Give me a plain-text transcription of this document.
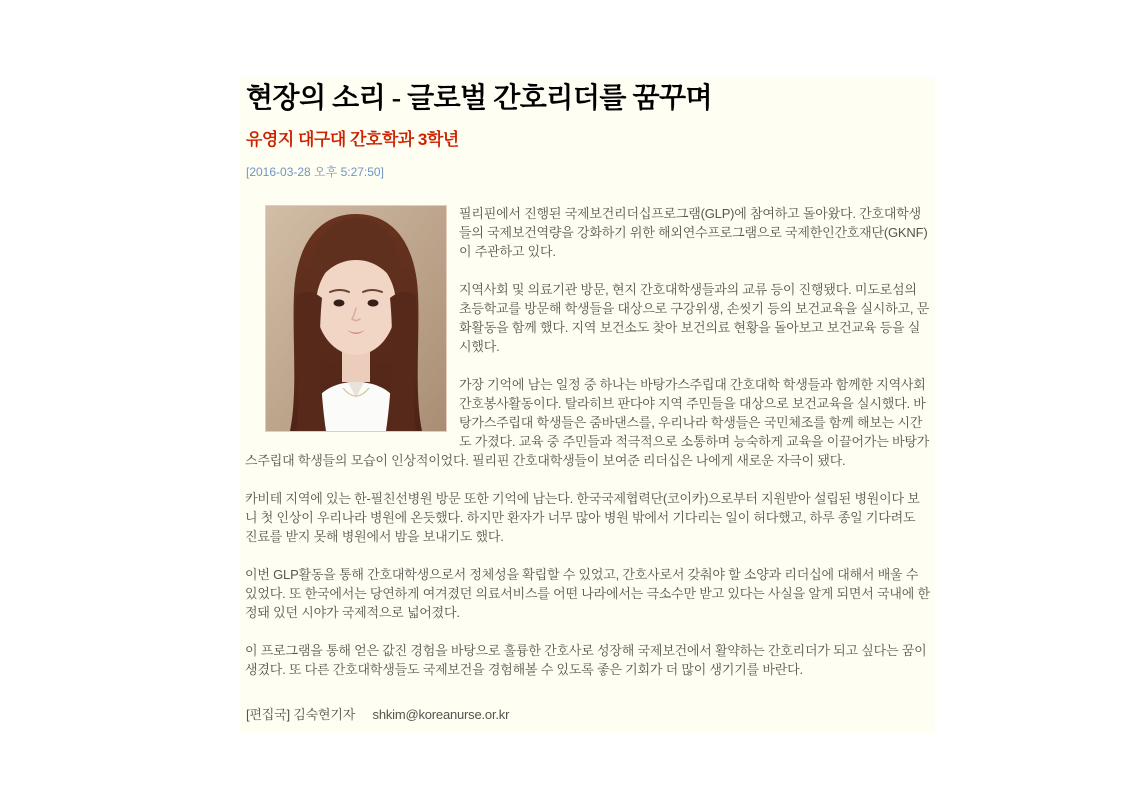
현장의 소리 - 글로벌 간호리더를 꿈꾸며
유영지 대구대 간호학과 3학년
[2016-03-28 오후 5:27:50]

필리핀에서 진행된 국제보건리더십프로그램(GLP)에 참여하고 돌아왔다. 간호대학생들의 국제보건역량을 강화하기 위한 해외연수프로그램으로 국제한인간호재단(GKNF)이 주관하고 있다.

지역사회 및 의료기관 방문, 현지 간호대학생들과의 교류 등이 진행됐다. 미도로섬의 초등학교를 방문해 학생들을 대상으로 구강위생, 손씻기 등의 보건교육을 실시하고, 문화활동을 함께 했다. 지역 보건소도 찾아 보건의료 현황을 돌아보고 보건교육 등을 실시했다.

가장 기억에 남는 일정 중 하나는 바탕가스주립대 간호대학 학생들과 함께한 지역사회 간호봉사활동이다. 탈라히브 판다야 지역 주민들을 대상으로 보건교육을 실시했다. 바탕가스주립대 학생들은 줌바댄스를, 우리나라 학생들은 국민체조를 함께 해보는 시간도 가졌다. 교육 중 주민들과 적극적으로 소통하며 능숙하게 교육을 이끌어가는 바탕가스주립대 학생들의 모습이 인상적이었다. 필리핀 간호대학생들이 보여준 리더십은 나에게 새로운 자극이 됐다.

카비테 지역에 있는 한-필친선병원 방문 또한 기억에 남는다. 한국국제협력단(코이카)으로부터 지원받아 설립된 병원이다 보니 첫 인상이 우리나라 병원에 온듯했다. 하지만 환자가 너무 많아 병원 밖에서 기다리는 일이 허다했고, 하루 종일 기다려도 진료를 받지 못해 병원에서 밤을 보내기도 했다.

이번 GLP활동을 통해 간호대학생으로서 정체성을 확립할 수 있었고, 간호사로서 갖춰야 할 소양과 리더십에 대해서 배울 수 있었다. 또 한국에서는 당연하게 여겨졌던 의료서비스를 어떤 나라에서는 극소수만 받고 있다는 사실을 알게 되면서 국내에 한정돼 있던 시야가 국제적으로 넓어졌다.

이 프로그램을 통해 얻은 값진 경험을 바탕으로 훌륭한 간호사로 성장해 국제보건에서 활약하는 간호리더가 되고 싶다는 꿈이 생겼다. 또 다른 간호대학생들도 국제보건을 경험해볼 수 있도록 좋은 기회가 더 많이 생기기를 바란다.

[편집국] 김숙현기자 shkim@koreanurse.or.kr
